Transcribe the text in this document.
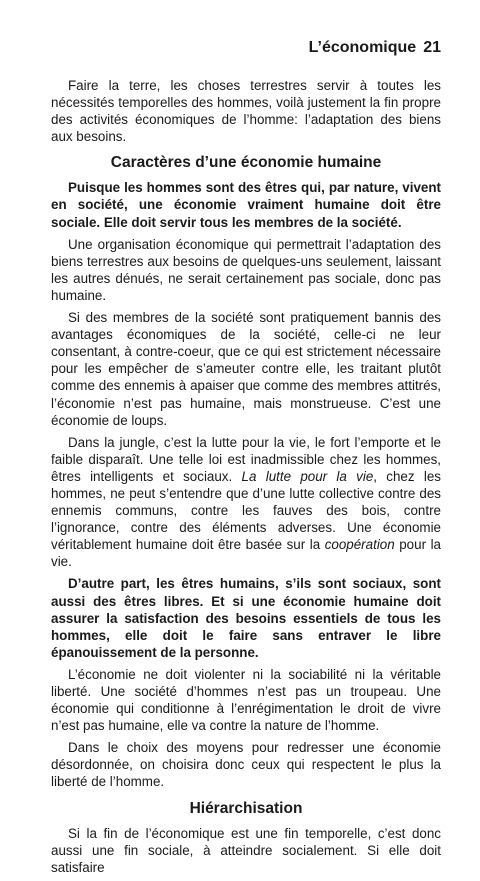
L’économique 21

Faire la terre, les choses terrestres servir à toutes les nécessités temporelles des hommes, voilà justement la fin propre des activités économiques de l’homme: l’adaptation des biens aux besoins.

Caractères d’une économie humaine

Puisque les hommes sont des êtres qui, par nature, vivent en société, une économie vraiment humaine doit être sociale. Elle doit servir tous les membres de la société.

Une organisation économique qui permettrait l’adaptation des biens terrestres aux besoins de quelques-uns seulement, laissant les autres dénués, ne serait certainement pas sociale, donc pas humaine.

Si des membres de la société sont pratiquement bannis des avantages économiques de la société, celle-ci ne leur consentant, à contre-coeur, que ce qui est strictement nécessaire pour les empêcher de s’ameuter contre elle, les traitant plutôt comme des ennemis à apaiser que comme des membres attitrés, l’économie n’est pas humaine, mais monstrueuse. C’est une économie de loups.

Dans la jungle, c’est la lutte pour la vie, le fort l’emporte et le faible disparaît. Une telle loi est inadmissible chez les hommes, êtres intelligents et sociaux. La lutte pour la vie, chez les hommes, ne peut s’entendre que d’une lutte collective contre des ennemis communs, contre les fauves des bois, contre l’ignorance, contre des éléments adverses. Une économie véritablement humaine doit être basée sur la coopération pour la vie.

D’autre part, les êtres humains, s’ils sont sociaux, sont aussi des êtres libres. Et si une économie humaine doit assurer la satisfaction des besoins essentiels de tous les hommes, elle doit le faire sans entraver le libre épanouissement de la personne.

L’économie ne doit violenter ni la sociabilité ni la véritable liberté. Une société d’hommes n’est pas un troupeau. Une économie qui conditionne à l’enrégimentation le droit de vivre n’est pas humaine, elle va contre la nature de l’homme.

Dans le choix des moyens pour redresser une économie désordonnée, on choisira donc ceux qui respectent le plus la liberté de l’homme.

Hiérarchisation

Si la fin de l’économique est une fin temporelle, c’est donc aussi une fin sociale, à atteindre socialement. Si elle doit satisfaire
